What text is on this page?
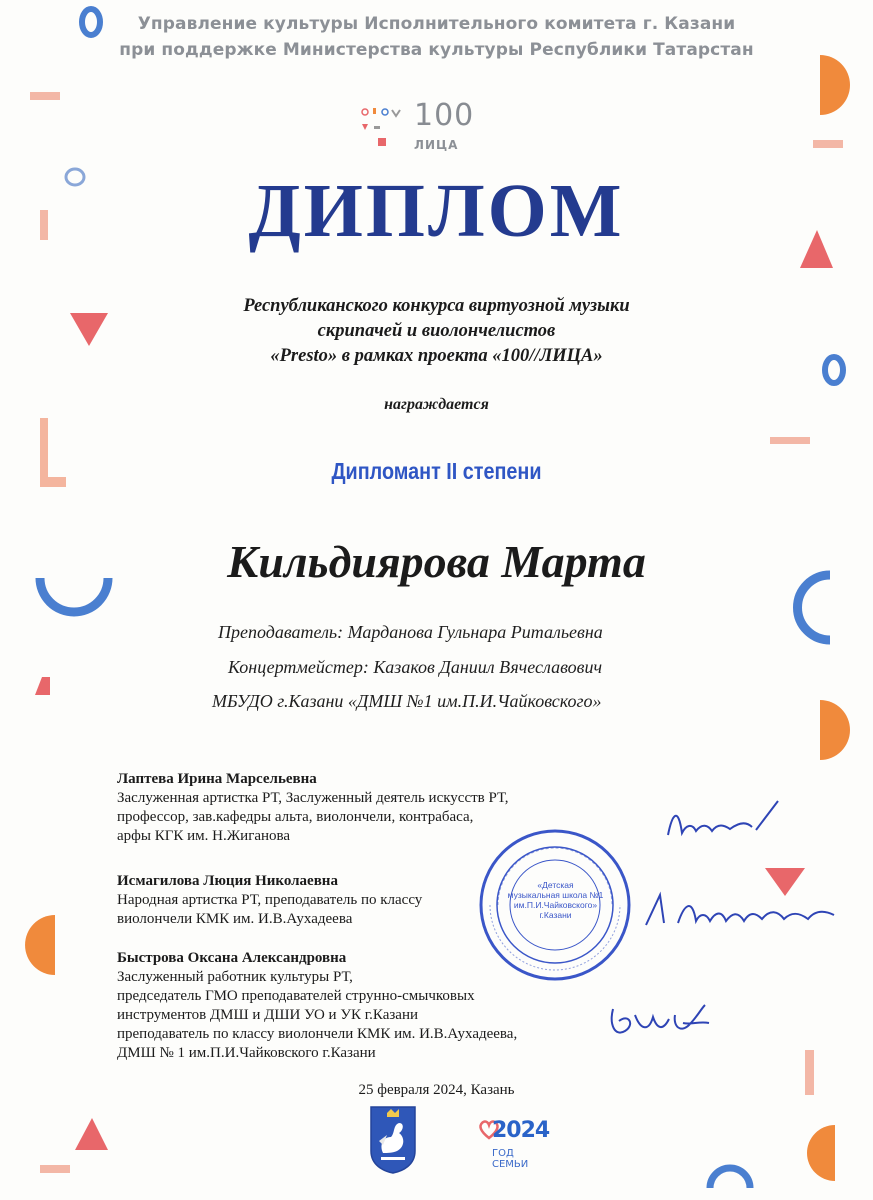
Управление культуры Исполнительного комитета г. Казани
при поддержке Министерства культуры Республики Татарстан
100
ЛИЦА
ДИПЛОМ
Республиканского конкурса виртуозной музыки
скрипачей и виолончелистов
«Presto» в рамках проекта «100//ЛИЦА»
награждается
Дипломант II степени
Кильдиярова Марта
Преподаватель: Марданова Гульнара Ритальевна
Концертмейстер: Казаков Даниил Вячеславович
МБУДО г.Казани «ДМШ №1 им.П.И.Чайковского»
Лаптева Ирина Марсельевна
Заслуженная артистка РТ, Заслуженный деятель искусств РТ,
профессор, зав.кафедры альта, виолончели, контрабаса,
арфы КГК им. Н.Жиганова
Исмагилова Люция Николаевна
Народная артистка РТ, преподаватель по классу
виолончели КМК им. И.В.Аухадеева
Быстрова Оксана Александровна
Заслуженный работник культуры РТ,
председатель ГМО преподавателей струнно-смычковых
инструментов ДМШ и ДШИ УО и УК г.Казани
преподаватель по классу виолончели КМК им. И.В.Аухадеева,
ДМШ № 1 им.П.И.Чайковского г.Казани
«Детская
музыкальная школа №1
им.П.И.Чайковского»
г.Казани
25 февраля 2024, Казань
2024
ГОД СЕМЬИ
